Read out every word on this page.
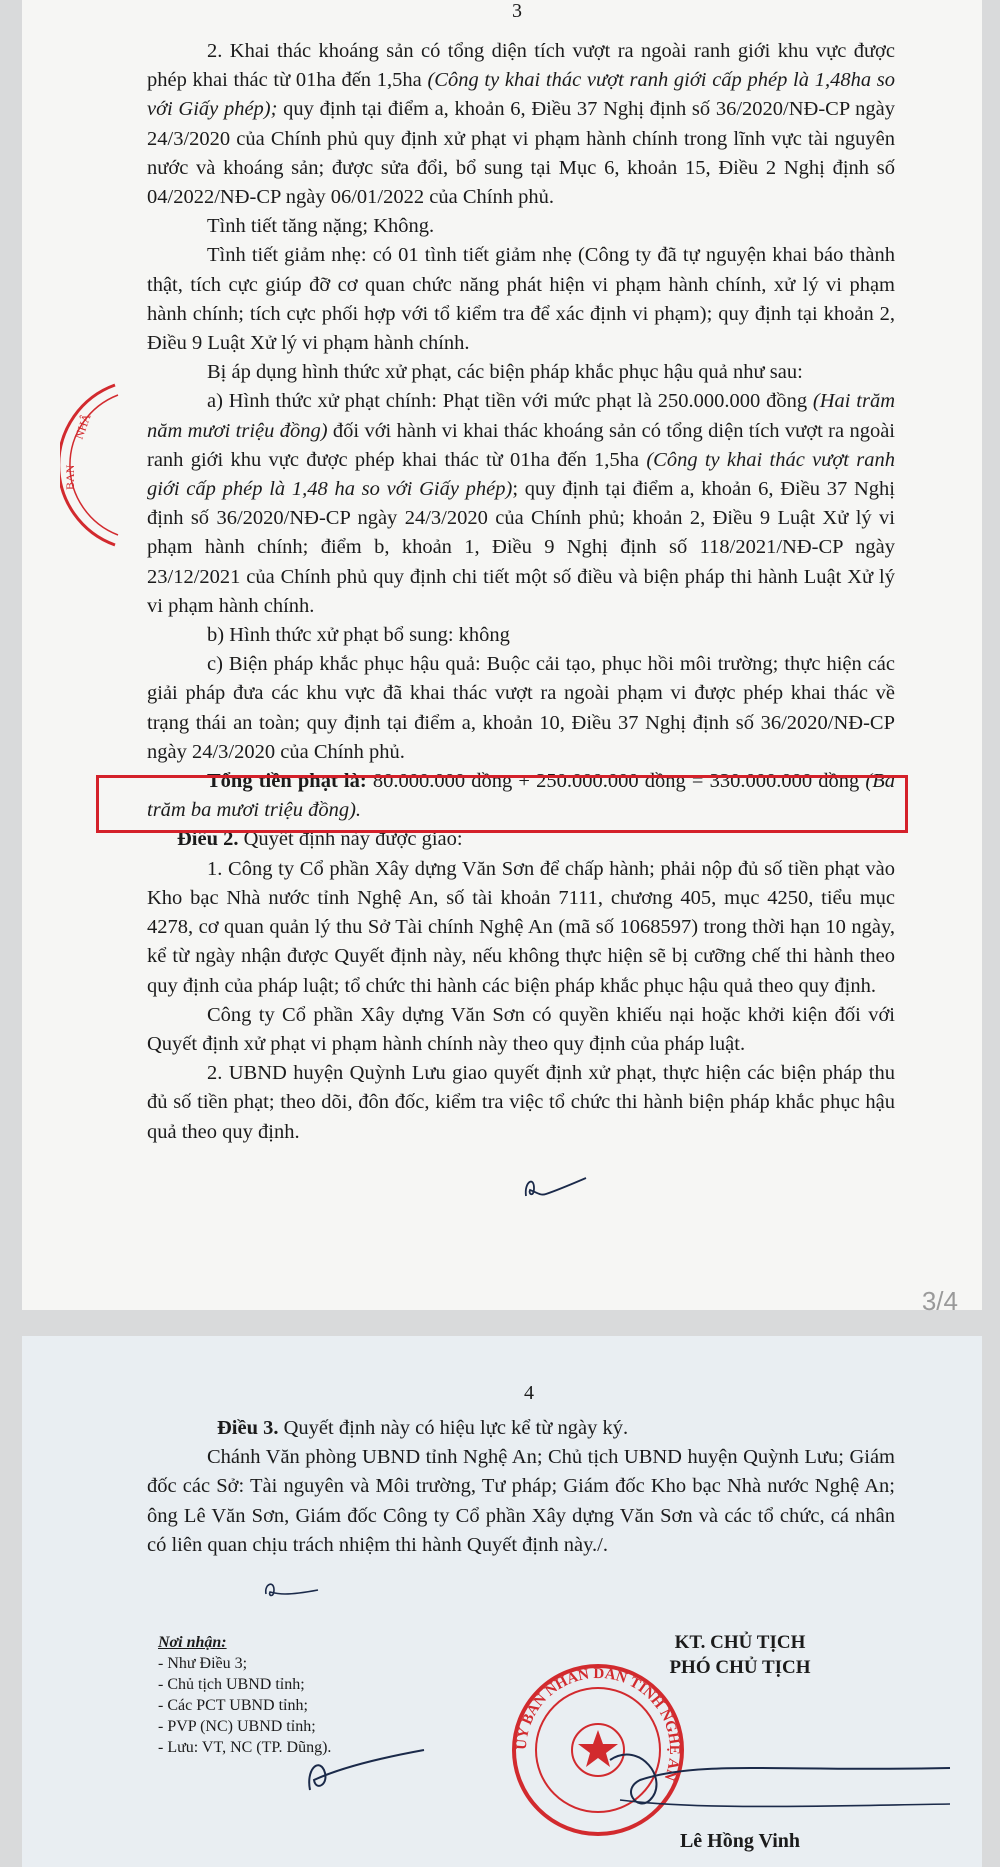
3

2. Khai thác khoáng sản có tổng diện tích vượt ra ngoài ranh giới khu vực được phép khai thác từ 01ha đến 1,5ha (Công ty khai thác vượt ranh giới cấp phép là 1,48ha so với Giấy phép); quy định tại điểm a, khoản 6, Điều 37 Nghị định số 36/2020/NĐ-CP ngày 24/3/2020 của Chính phủ quy định xử phạt vi phạm hành chính trong lĩnh vực tài nguyên nước và khoáng sản; được sửa đổi, bổ sung tại Mục 6, khoản 15, Điều 2 Nghị định số 04/2022/NĐ-CP ngày 06/01/2022 của Chính phủ.

Tình tiết tăng nặng; Không.

Tình tiết giảm nhẹ: có 01 tình tiết giảm nhẹ (Công ty đã tự nguyện khai báo thành thật, tích cực giúp đỡ cơ quan chức năng phát hiện vi phạm hành chính, xử lý vi phạm hành chính; tích cực phối hợp với tổ kiểm tra để xác định vi phạm); quy định tại khoản 2, Điều 9 Luật Xử lý vi phạm hành chính.

Bị áp dụng hình thức xử phạt, các biện pháp khắc phục hậu quả như sau:

a) Hình thức xử phạt chính: Phạt tiền với mức phạt là 250.000.000 đồng (Hai trăm năm mươi triệu đồng) đối với hành vi khai thác khoáng sản có tổng diện tích vượt ra ngoài ranh giới khu vực được phép khai thác từ 01ha đến 1,5ha (Công ty khai thác vượt ranh giới cấp phép là 1,48 ha so với Giấy phép); quy định tại điểm a, khoản 6, Điều 37 Nghị định số 36/2020/NĐ-CP ngày 24/3/2020 của Chính phủ; khoản 2, Điều 9 Luật Xử lý vi phạm hành chính; điểm b, khoản 1, Điều 9 Nghị định số 118/2021/NĐ-CP ngày 23/12/2021 của Chính phủ quy định chi tiết một số điều và biện pháp thi hành Luật Xử lý vi phạm hành chính.

b) Hình thức xử phạt bổ sung: không

c) Biện pháp khắc phục hậu quả: Buộc cải tạo, phục hồi môi trường; thực hiện các giải pháp đưa các khu vực đã khai thác vượt ra ngoài phạm vi được phép khai thác về trạng thái an toàn; quy định tại điểm a, khoản 10, Điều 37 Nghị định số 36/2020/NĐ-CP ngày 24/3/2020 của Chính phủ.

Tổng tiền phạt là: 80.000.000 đồng + 250.000.000 đồng = 330.000.000 đồng (Ba trăm ba mươi triệu đồng).

Điều 2. Quyết định này được giao:

1. Công ty Cổ phần Xây dựng Văn Sơn để chấp hành; phải nộp đủ số tiền phạt vào Kho bạc Nhà nước tỉnh Nghệ An, số tài khoản 7111, chương 405, mục 4250, tiểu mục 4278, cơ quan quản lý thu Sở Tài chính Nghệ An (mã số 1068597) trong thời hạn 10 ngày, kể từ ngày nhận được Quyết định này, nếu không thực hiện sẽ bị cưỡng chế thi hành theo quy định của pháp luật; tổ chức thi hành các biện pháp khắc phục hậu quả theo quy định.

Công ty Cổ phần Xây dựng Văn Sơn có quyền khiếu nại hoặc khởi kiện đối với Quyết định xử phạt vi phạm hành chính này theo quy định của pháp luật.

2. UBND huyện Quỳnh Lưu giao quyết định xử phạt, thực hiện các biện pháp thu đủ số tiền phạt; theo dõi, đôn đốc, kiểm tra việc tổ chức thi hành biện pháp khắc phục hậu quả theo quy định.

NHÂ
BAN
3/4
4

Điều 3. Quyết định này có hiệu lực kể từ ngày ký.

Chánh Văn phòng UBND tỉnh Nghệ An; Chủ tịch UBND huyện Quỳnh Lưu; Giám đốc các Sở: Tài nguyên và Môi trường, Tư pháp; Giám đốc Kho bạc Nhà nước Nghệ An; ông Lê Văn Sơn, Giám đốc Công ty Cổ phần Xây dựng Văn Sơn và các tổ chức, cá nhân có liên quan chịu trách nhiệm thi hành Quyết định này./.

Nơi nhận:
- Như Điều 3;
- Chủ tịch UBND tỉnh;
- Các PCT UBND tỉnh;
- PVP (NC) UBND tỉnh;
- Lưu: VT, NC (TP. Dũng).
KT. CHỦ TỊCH
PHÓ CHỦ TỊCH
ỦY BAN NHÂN DÂN TỈNH NGHỆ AN
Lê Hồng Vinh
